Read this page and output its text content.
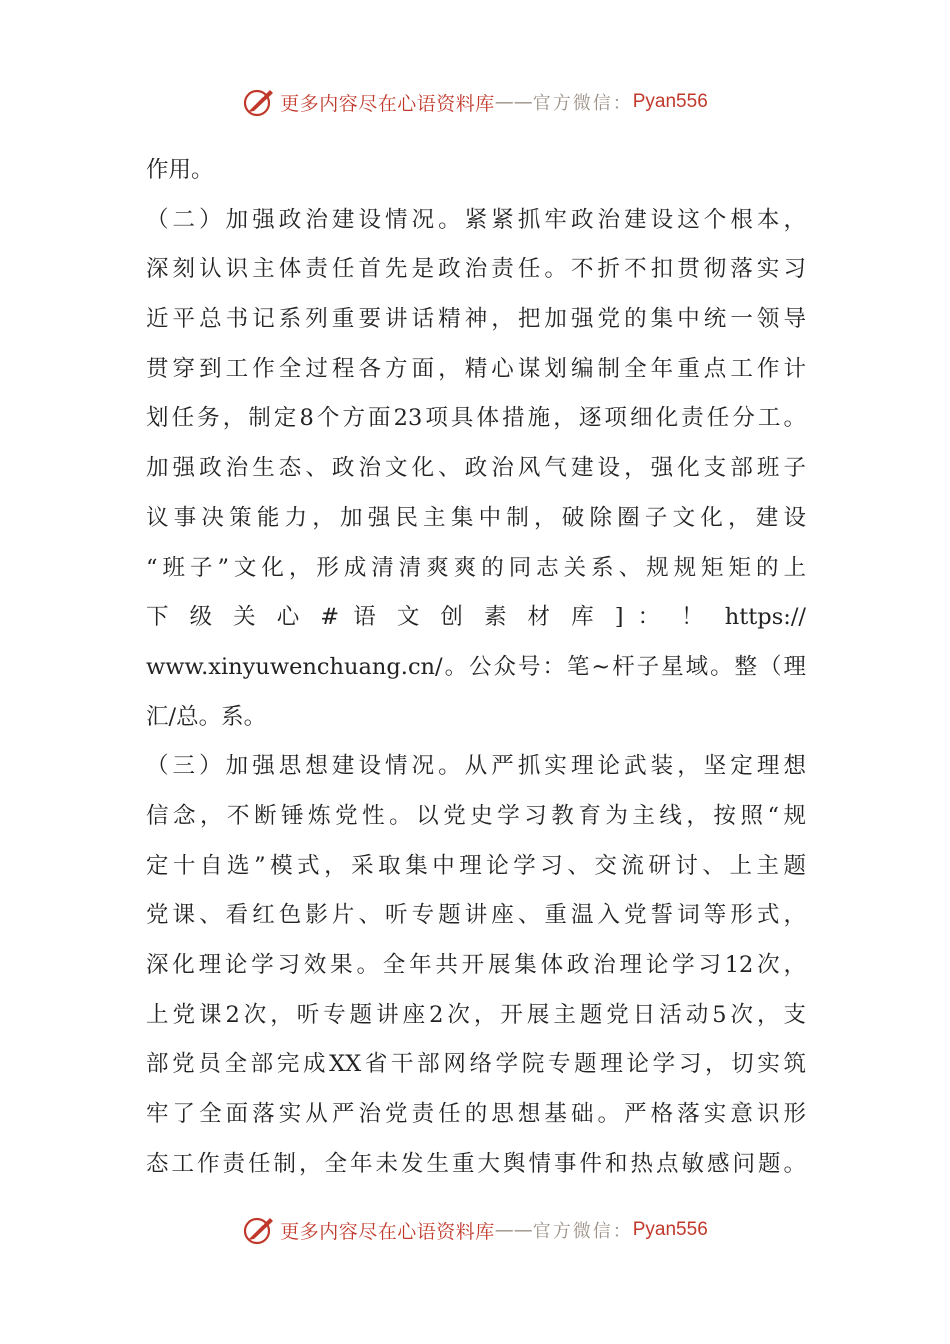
更多内容尽在心语资料库 —— 官方微信： Pyan556
作用。
（二）加强政治建设情况。紧紧抓牢政治建设这个根本，
深刻认识主体责任首先是政治责任。不折不扣贯彻落实习
近平总书记系列重要讲话精神，把加强党的集中统一领导
贯穿到工作全过程各方面，精心谋划编制全年重点工作计
划任务，制定8个方面23项具体措施，逐项细化责任分工。
加强政治生态、政治文化、政治风气建设，强化支部班子
议事决策能力，加强民主集中制，破除圈子文化，建设
“班子”文化，形成清清爽爽的同志关系、规规矩矩的上
下 级 关 心 # 语 文 创 素 材 库 ] ： ！ https://
www.xinyuwenchuang.cn/。公众号：笔~杆子星域。整（理
汇/总。系。
（三）加强思想建设情况。从严抓实理论武装，坚定理想
信念，不断锤炼党性。以党史学习教育为主线，按照“规
定十自选”模式，采取集中理论学习、交流研讨、上主题
党课、看红色影片、听专题讲座、重温入党誓词等形式，
深化理论学习效果。全年共开展集体政治理论学习12次，
上党课2次，听专题讲座2次，开展主题党日活动5次，支
部党员全部完成XX省干部网络学院专题理论学习，切实筑
牢了全面落实从严治党责任的思想基础。严格落实意识形
态工作责任制，全年未发生重大舆情事件和热点敏感问题。
更多内容尽在心语资料库 —— 官方微信： Pyan556
